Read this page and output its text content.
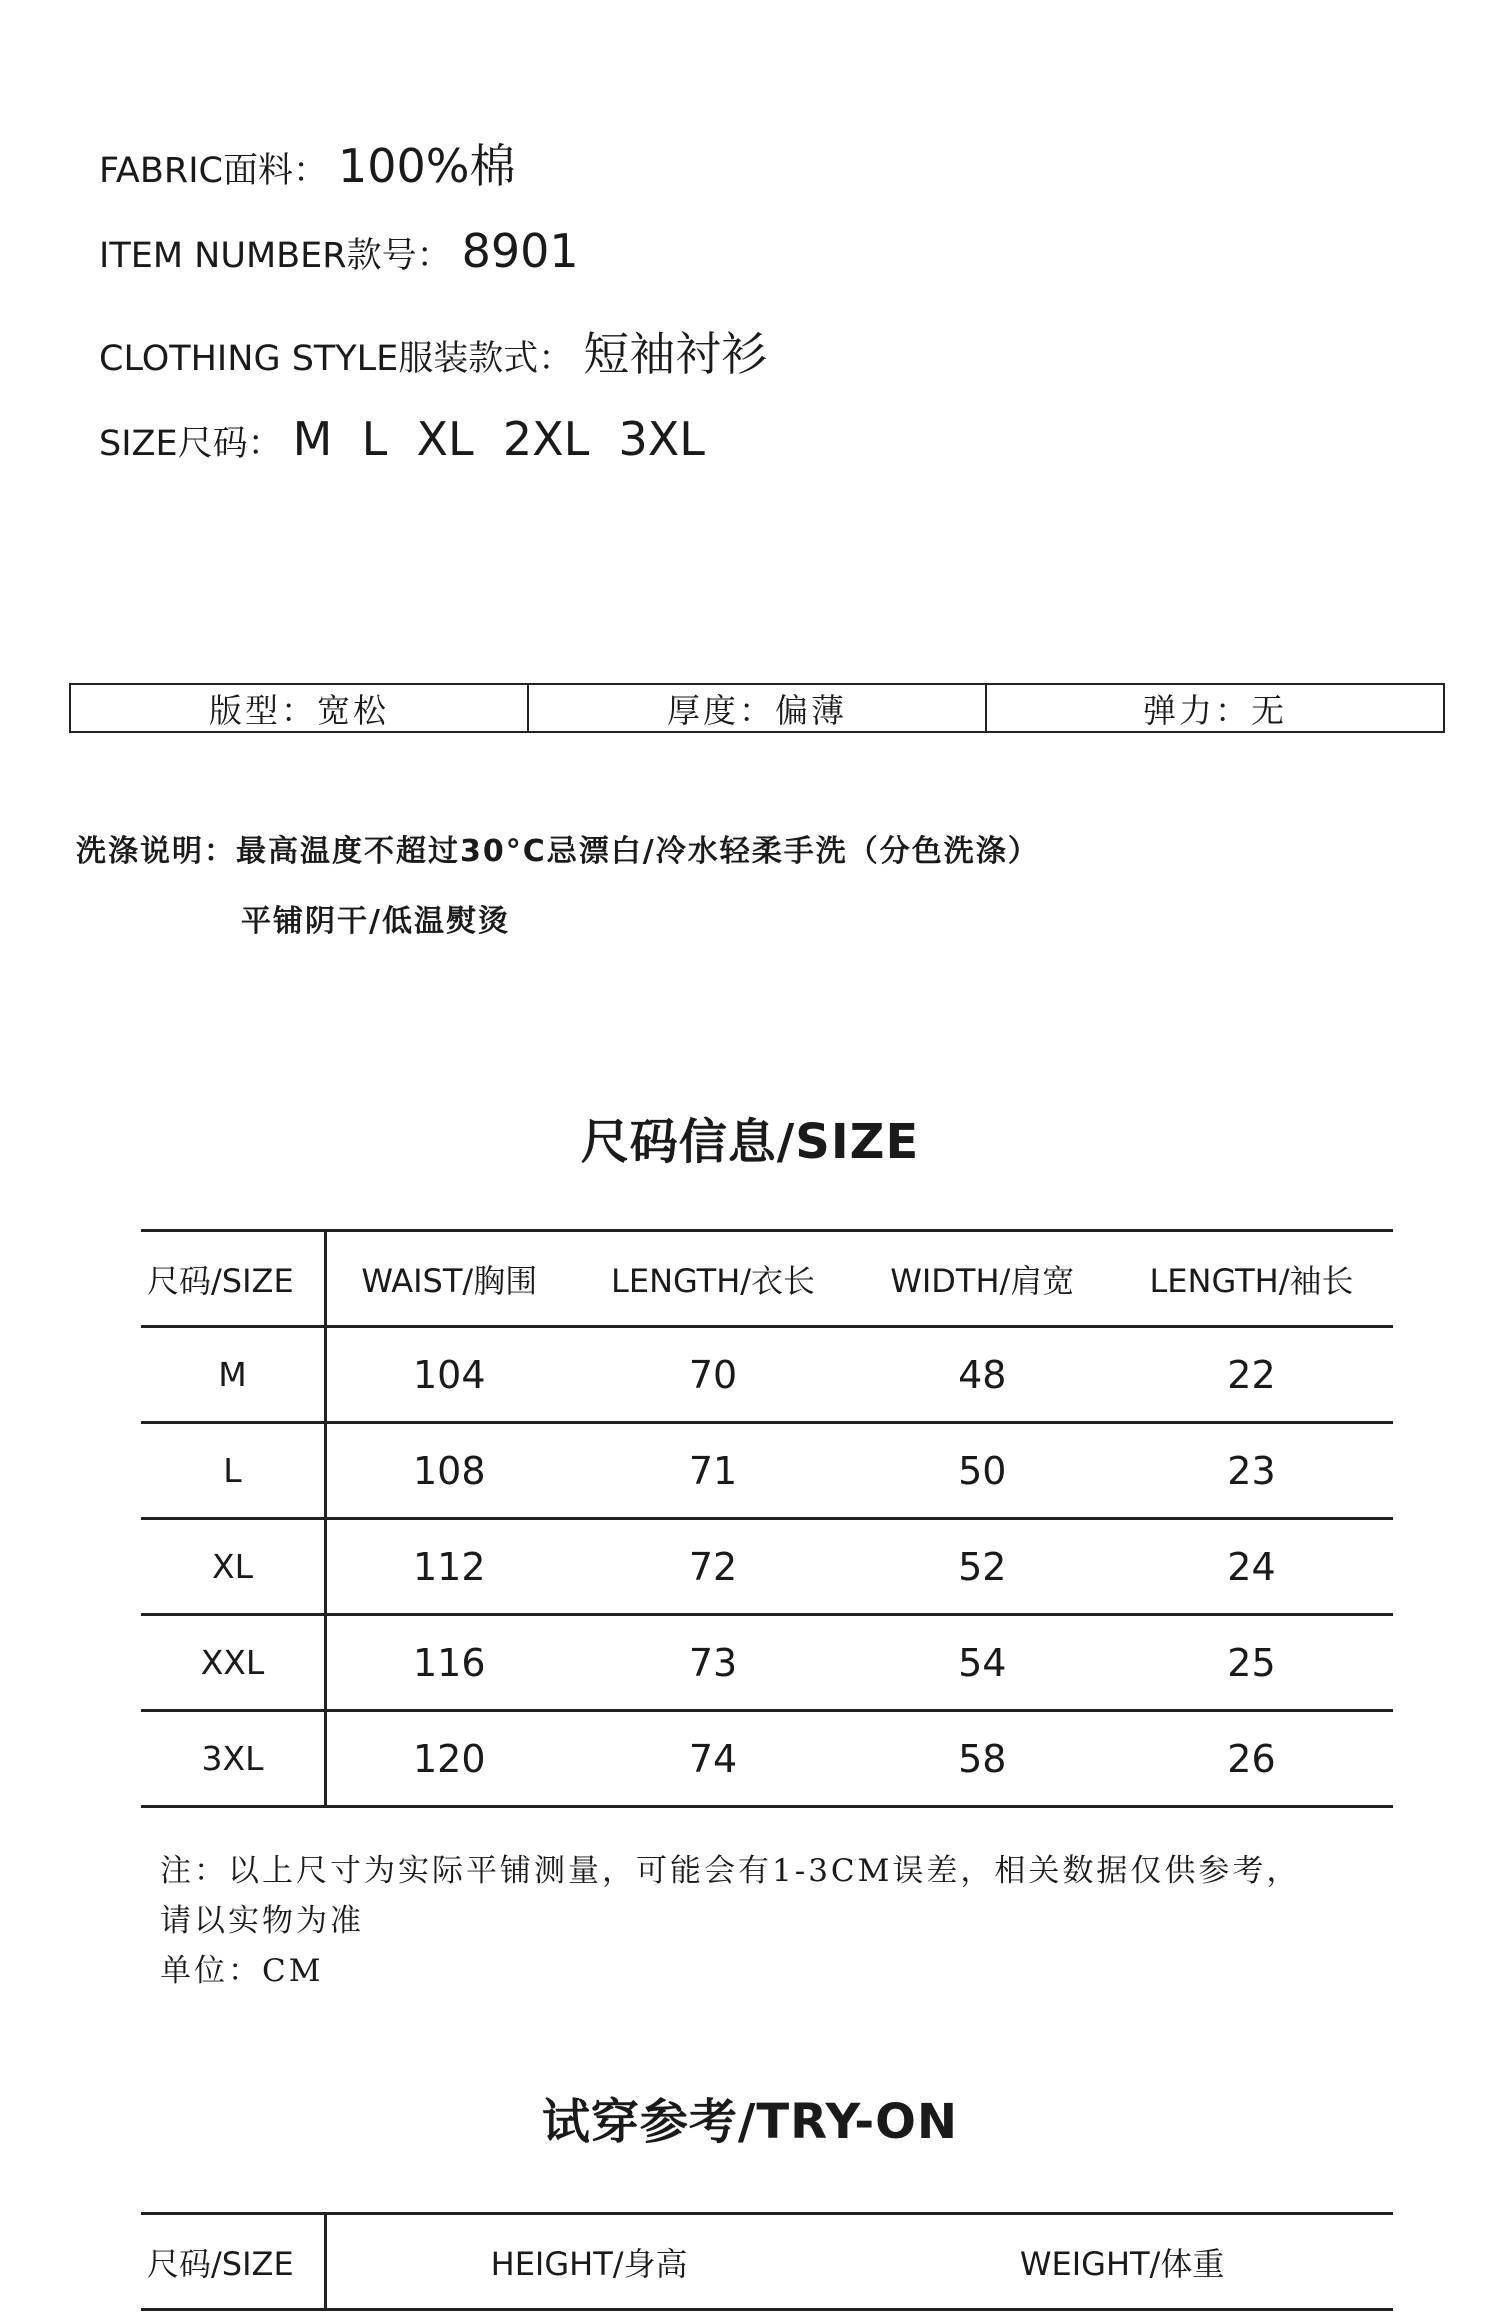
FABRIC面料： 100%棉
ITEM NUMBER款号： 8901
CLOTHING STYLE服装款式： 短袖衬衫
SIZE尺码： M  L  XL  2XL  3XL
版型：宽松	厚度：偏薄	弹力：无
洗涤说明：最高温度不超过30°C忌漂白/冷水轻柔手洗（分色洗涤）
平铺阴干/低温熨烫
尺码信息/SIZE
尺码/SIZE	WAIST/胸围	LENGTH/衣长	WIDTH/肩宽	LENGTH/袖长
M	104	70	48	22
L	108	71	50	23
XL	112	72	52	24
XXL	116	73	54	25
3XL	120	74	58	26
注：以上尺寸为实际平铺测量，可能会有1-3CM误差，相关数据仅供参考，
请以实物为准
单位：CM
试穿参考/TRY-ON
尺码/SIZE	HEIGHT/身高	WEIGHT/体重
